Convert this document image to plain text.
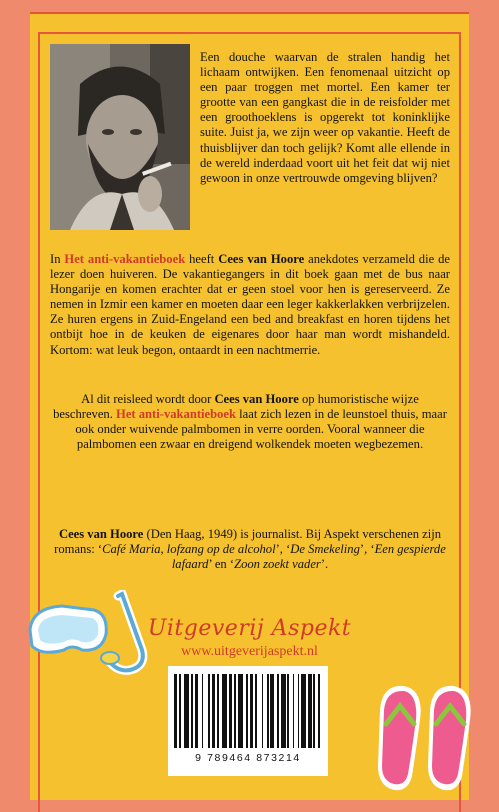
Een douche waarvan de stralen handig het lichaam ontwijken. Een fenomenaal uitzicht op een paar troggen met mortel. Een kamer ter grootte van een gangkast die in de reisfolder met een groothoeklens is opgerekt tot koninklijke suite. Juist ja, we zijn weer op vakantie. Heeft de thuisblijver dan toch gelijk? Komt alle ellende in de wereld inderdaad voort uit het feit dat wij niet gewoon in onze vertrouwde omgeving blijven?
In Het anti-vakantieboek heeft Cees van Hoore anekdotes verzameld die de lezer doen huiveren. De vakantiegangers in dit boek gaan met de bus naar Hongarije en komen erachter dat er geen stoel voor hen is gereserveerd. Ze nemen in Izmir een kamer en moeten daar een leger kakkerlakken verbrijzelen. Ze huren ergens in Zuid-Engeland een bed and breakfast en horen tijdens het ontbijt hoe in de keuken de eigenares door haar man wordt mishandeld. Kortom: wat leuk begon, ontaardt in een nachtmerrie.
Al dit reisleed wordt door Cees van Hoore op humoristische wijze beschreven. Het anti-vakantieboek laat zich lezen in de leunstoel thuis, maar ook onder wuivende palmbomen in verre oorden. Vooral wanneer die palmbomen een zwaar en dreigend wolkendek moeten wegbezemen.
Cees van Hoore (Den Haag, 1949) is journalist. Bij Aspekt verschenen zijn romans: ‘Café Maria, lofzang op de alcohol’, ‘De Smekeling’, ‘Een gespierde lafaard’ en ‘Zoon zoekt vader’.
Uitgeverij Aspekt
www.uitgeverijaspekt.nl
9 789464 873214
